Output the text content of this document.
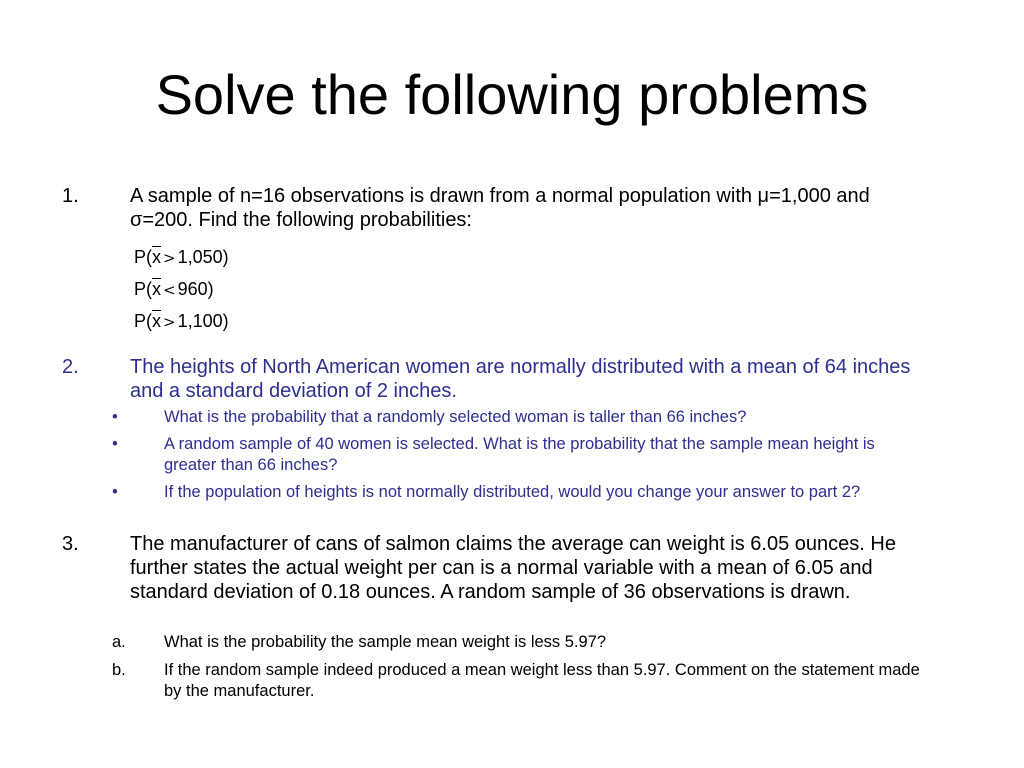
Solve the following problems
1.	A sample of n=16 observations is drawn from a normal population with μ=1,000 and σ=200. Find the following probabilities:
$P(\overline{x} > 1,050)$
$P(\overline{x} < 960)$
$P(\overline{x} > 1,100)$
2.	The heights of North American women are normally distributed with a mean of 64 inches and a standard deviation of 2 inches.
•	What is the probability that a randomly selected woman is taller than 66 inches?
•	A random sample of 40 women is selected. What is the probability that the sample mean height is greater than 66 inches?
•	If the population of heights is not normally distributed, would you change your answer to part 2?
3.	The manufacturer of cans of salmon claims the average can weight is 6.05 ounces. He further states the actual weight per can is a normal variable with a mean of 6.05 and standard deviation of 0.18 ounces. A random sample of 36 observations is drawn.
a. What is the probability the sample mean weight is less 5.97?
b. If the random sample indeed produced a mean weight less than 5.97. Comment on the statement made by the manufacturer.
